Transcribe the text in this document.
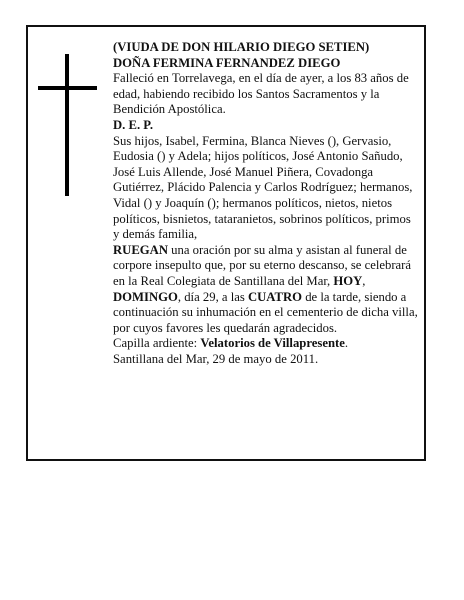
(VIUDA DE DON HILARIO DIEGO SETIEN)

DOÑA FERMINA FERNANDEZ DIEGO

Falleció en Torrelavega, en el día de ayer, a los 83 años de edad, habiendo recibido los Santos Sacramentos y la Bendición Apostólica.

D. E. P.

Sus hijos, Isabel, Fermina, Blanca Nieves (), Gervasio, Eudosia () y Adela; hijos políticos, José Antonio Sañudo, José Luis Allende, José Manuel Piñera, Covadonga Gutiérrez, Plácido Palencia y Carlos Rodríguez; hermanos, Vidal () y Joaquín (); hermanos políticos, nietos, nietos políticos, bisnietos, tataranietos, sobrinos políticos, primos y demás familia,

RUEGAN una oración por su alma y asistan al funeral de corpore insepulto que, por su eterno descanso, se celebrará en la Real Colegiata de Santillana del Mar, HOY, DOMINGO, día 29, a las CUATRO de la tarde, siendo a continuación su inhumación en el cementerio de dicha villa, por cuyos favores les quedarán agradecidos.

Capilla ardiente: Velatorios de Villapresente.

Santillana del Mar, 29 de mayo de 2011.
